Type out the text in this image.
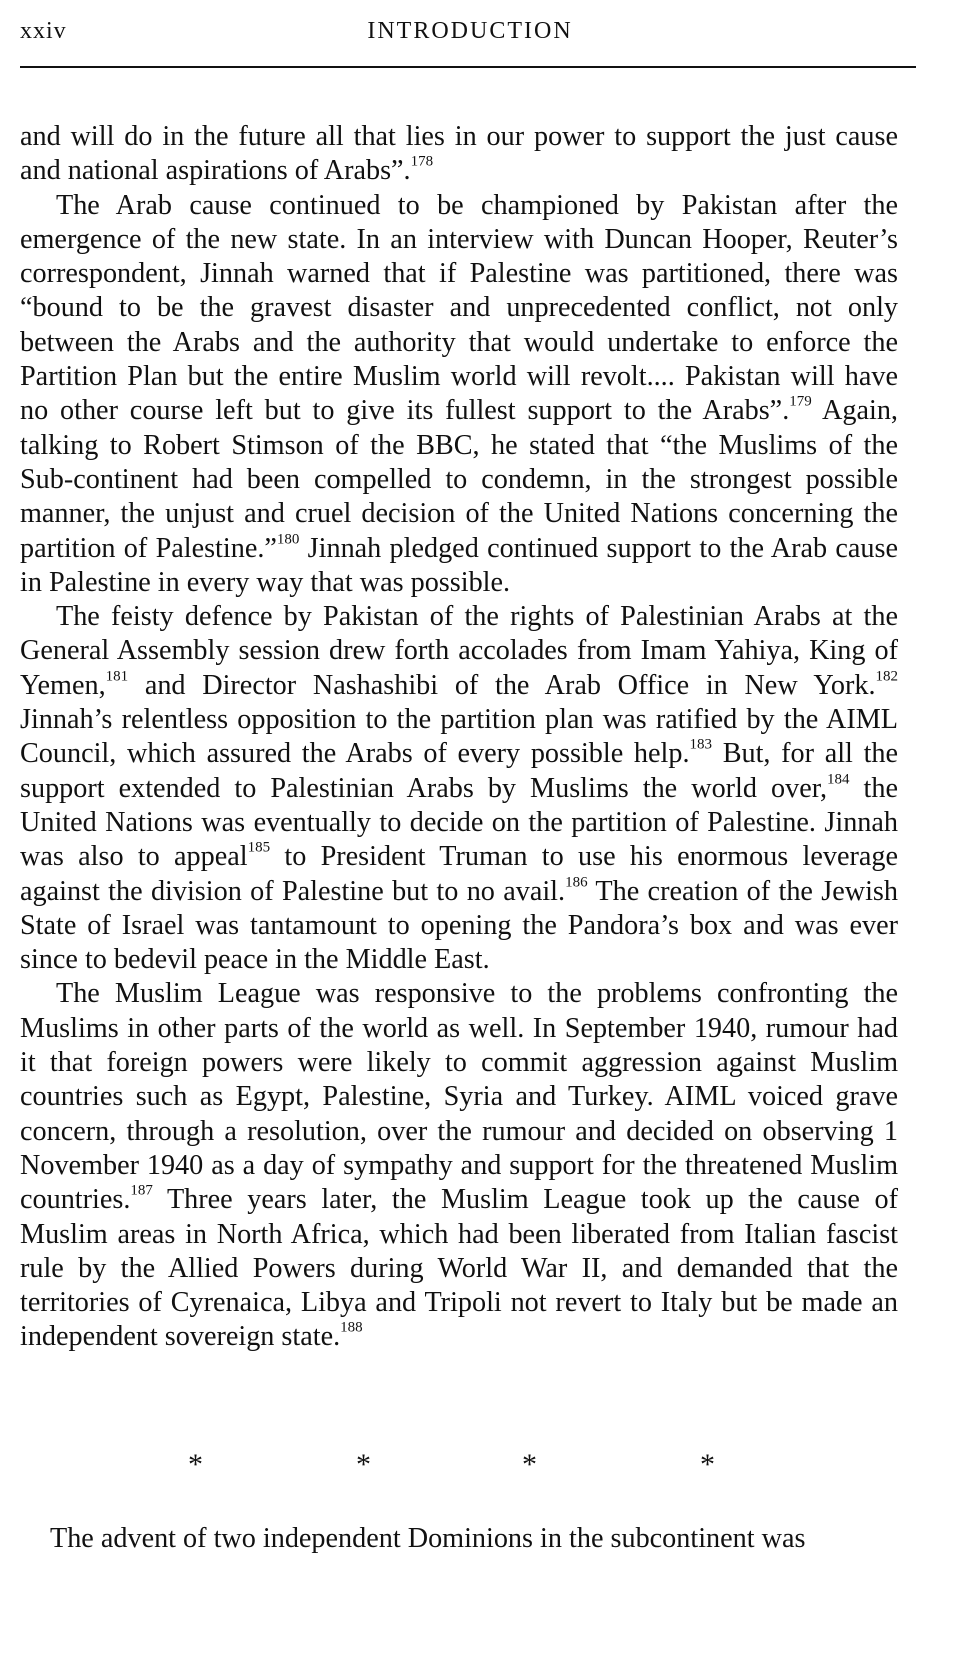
xxiv	INTRODUCTION

and will do in the future all that lies in our power to support the just cause and national aspirations of Arabs”.$^{178}$

The Arab cause continued to be championed by Pakistan after the emergence of the new state. In an interview with Duncan Hooper, Reuter’s correspondent, Jinnah warned that if Palestine was partitioned, there was “bound to be the gravest disaster and unprecedented conflict, not only between the Arabs and the authority that would undertake to enforce the Partition Plan but the entire Muslim world will revolt.... Pakistan will have no other course left but to give its fullest support to the Arabs”.$^{179}$ Again, talking to Robert Stimson of the BBC, he stated that “the Muslims of the Sub-continent had been compelled to condemn, in the strongest possible manner, the unjust and cruel decision of the United Nations concerning the partition of Palestine.”$^{180}$ Jinnah pledged continued support to the Arab cause in Palestine in every way that was possible.

The feisty defence by Pakistan of the rights of Palestinian Arabs at the General Assembly session drew forth accolades from Imam Yahiya, King of Yemen,$^{181}$ and Director Nashashibi of the Arab Office in New York.$^{182}$ Jinnah’s relentless opposition to the partition plan was ratified by the AIML Council, which assured the Arabs of every possible help.$^{183}$ But, for all the support extended to Palestinian Arabs by Muslims the world over,$^{184}$ the United Nations was eventually to decide on the partition of Palestine. Jinnah was also to appeal$^{185}$ to President Truman to use his enormous leverage against the division of Palestine but to no avail.$^{186}$ The creation of the Jewish State of Israel was tantamount to opening the Pandora’s box and was ever since to bedevil peace in the Middle East.

The Muslim League was responsive to the problems confronting the Muslims in other parts of the world as well. In September 1940, rumour had it that foreign powers were likely to commit aggression against Muslim countries such as Egypt, Palestine, Syria and Turkey. AIML voiced grave concern, through a resolution, over the rumour and decided on observing 1 November 1940 as a day of sympathy and support for the threatened Muslim countries.$^{187}$ Three years later, the Muslim League took up the cause of Muslim areas in North Africa, which had been liberated from Italian fascist rule by the Allied Powers during World War II, and demanded that the territories of Cyrenaica, Libya and Tripoli not revert to Italy but be made an independent sovereign state.$^{188}$

*	*	*	*
The advent of two independent Dominions in the subcontinent was
